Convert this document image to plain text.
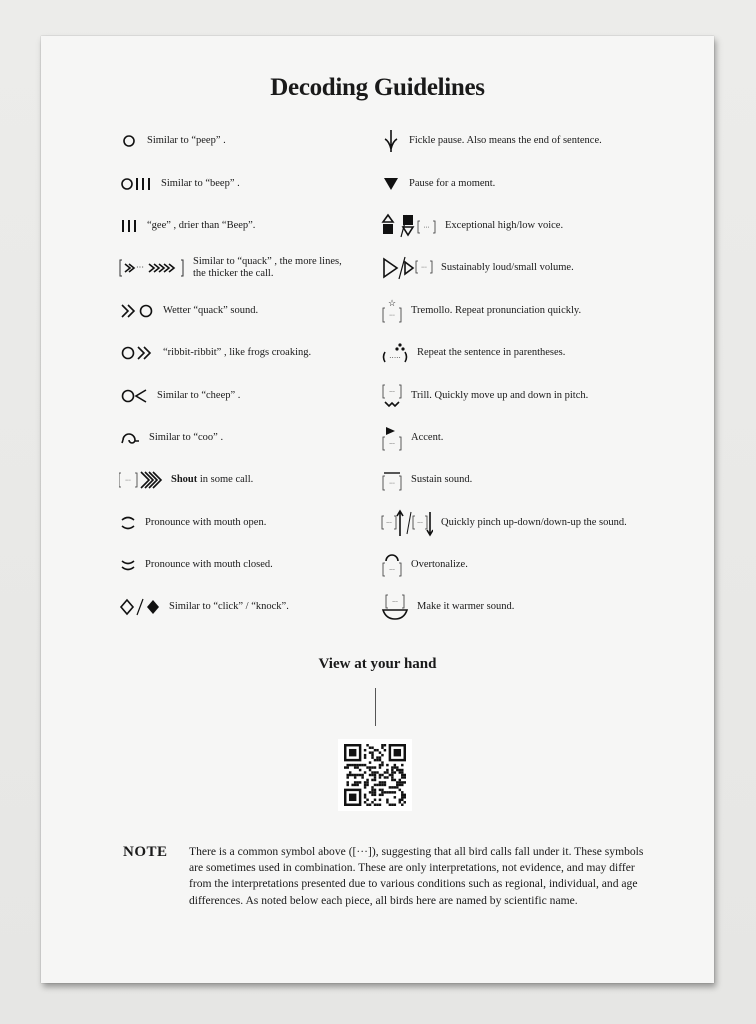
Decoding Guidelines
Similar to “peep” .
Similar to “beep” .
“gee” , drier than “Beep”.
···
Similar to “quack” , the more lines,
the thicker the call.
Wetter “quack” sound.
“ribbit-ribbit” , like frogs croaking.
Similar to “cheep” .
Similar to “coo” .
···	Shout in some call.
Pronounce with mouth open.
Pronounce with mouth closed.
Similar to “click” / “knock”.
Fickle pause. Also means the end of sentence.
Pause for a moment.
··· Exceptional high/low voice.
··· Sustainably loud/small volume.
☆
··· Tremollo. Repeat pronunciation quickly.
····· Repeat the sentence in parentheses.
··· Trill. Quickly move up and down in pitch.
···
Accent.
··· Sustain sound.
···	··· Quickly pinch up-down/down-up the sound.
···
Overtonalize.
··· Make it warmer sound.
View at your hand
NOTE There is a common symbol above ([···]), suggesting that all bird calls fall under it. These symbols are sometimes used in combination. These are only interpretations, not evidence, and may differ from the interpretations presented due to various conditions such as regional, individual, and age differences. As noted below each piece, all birds here are named by scientific name.
